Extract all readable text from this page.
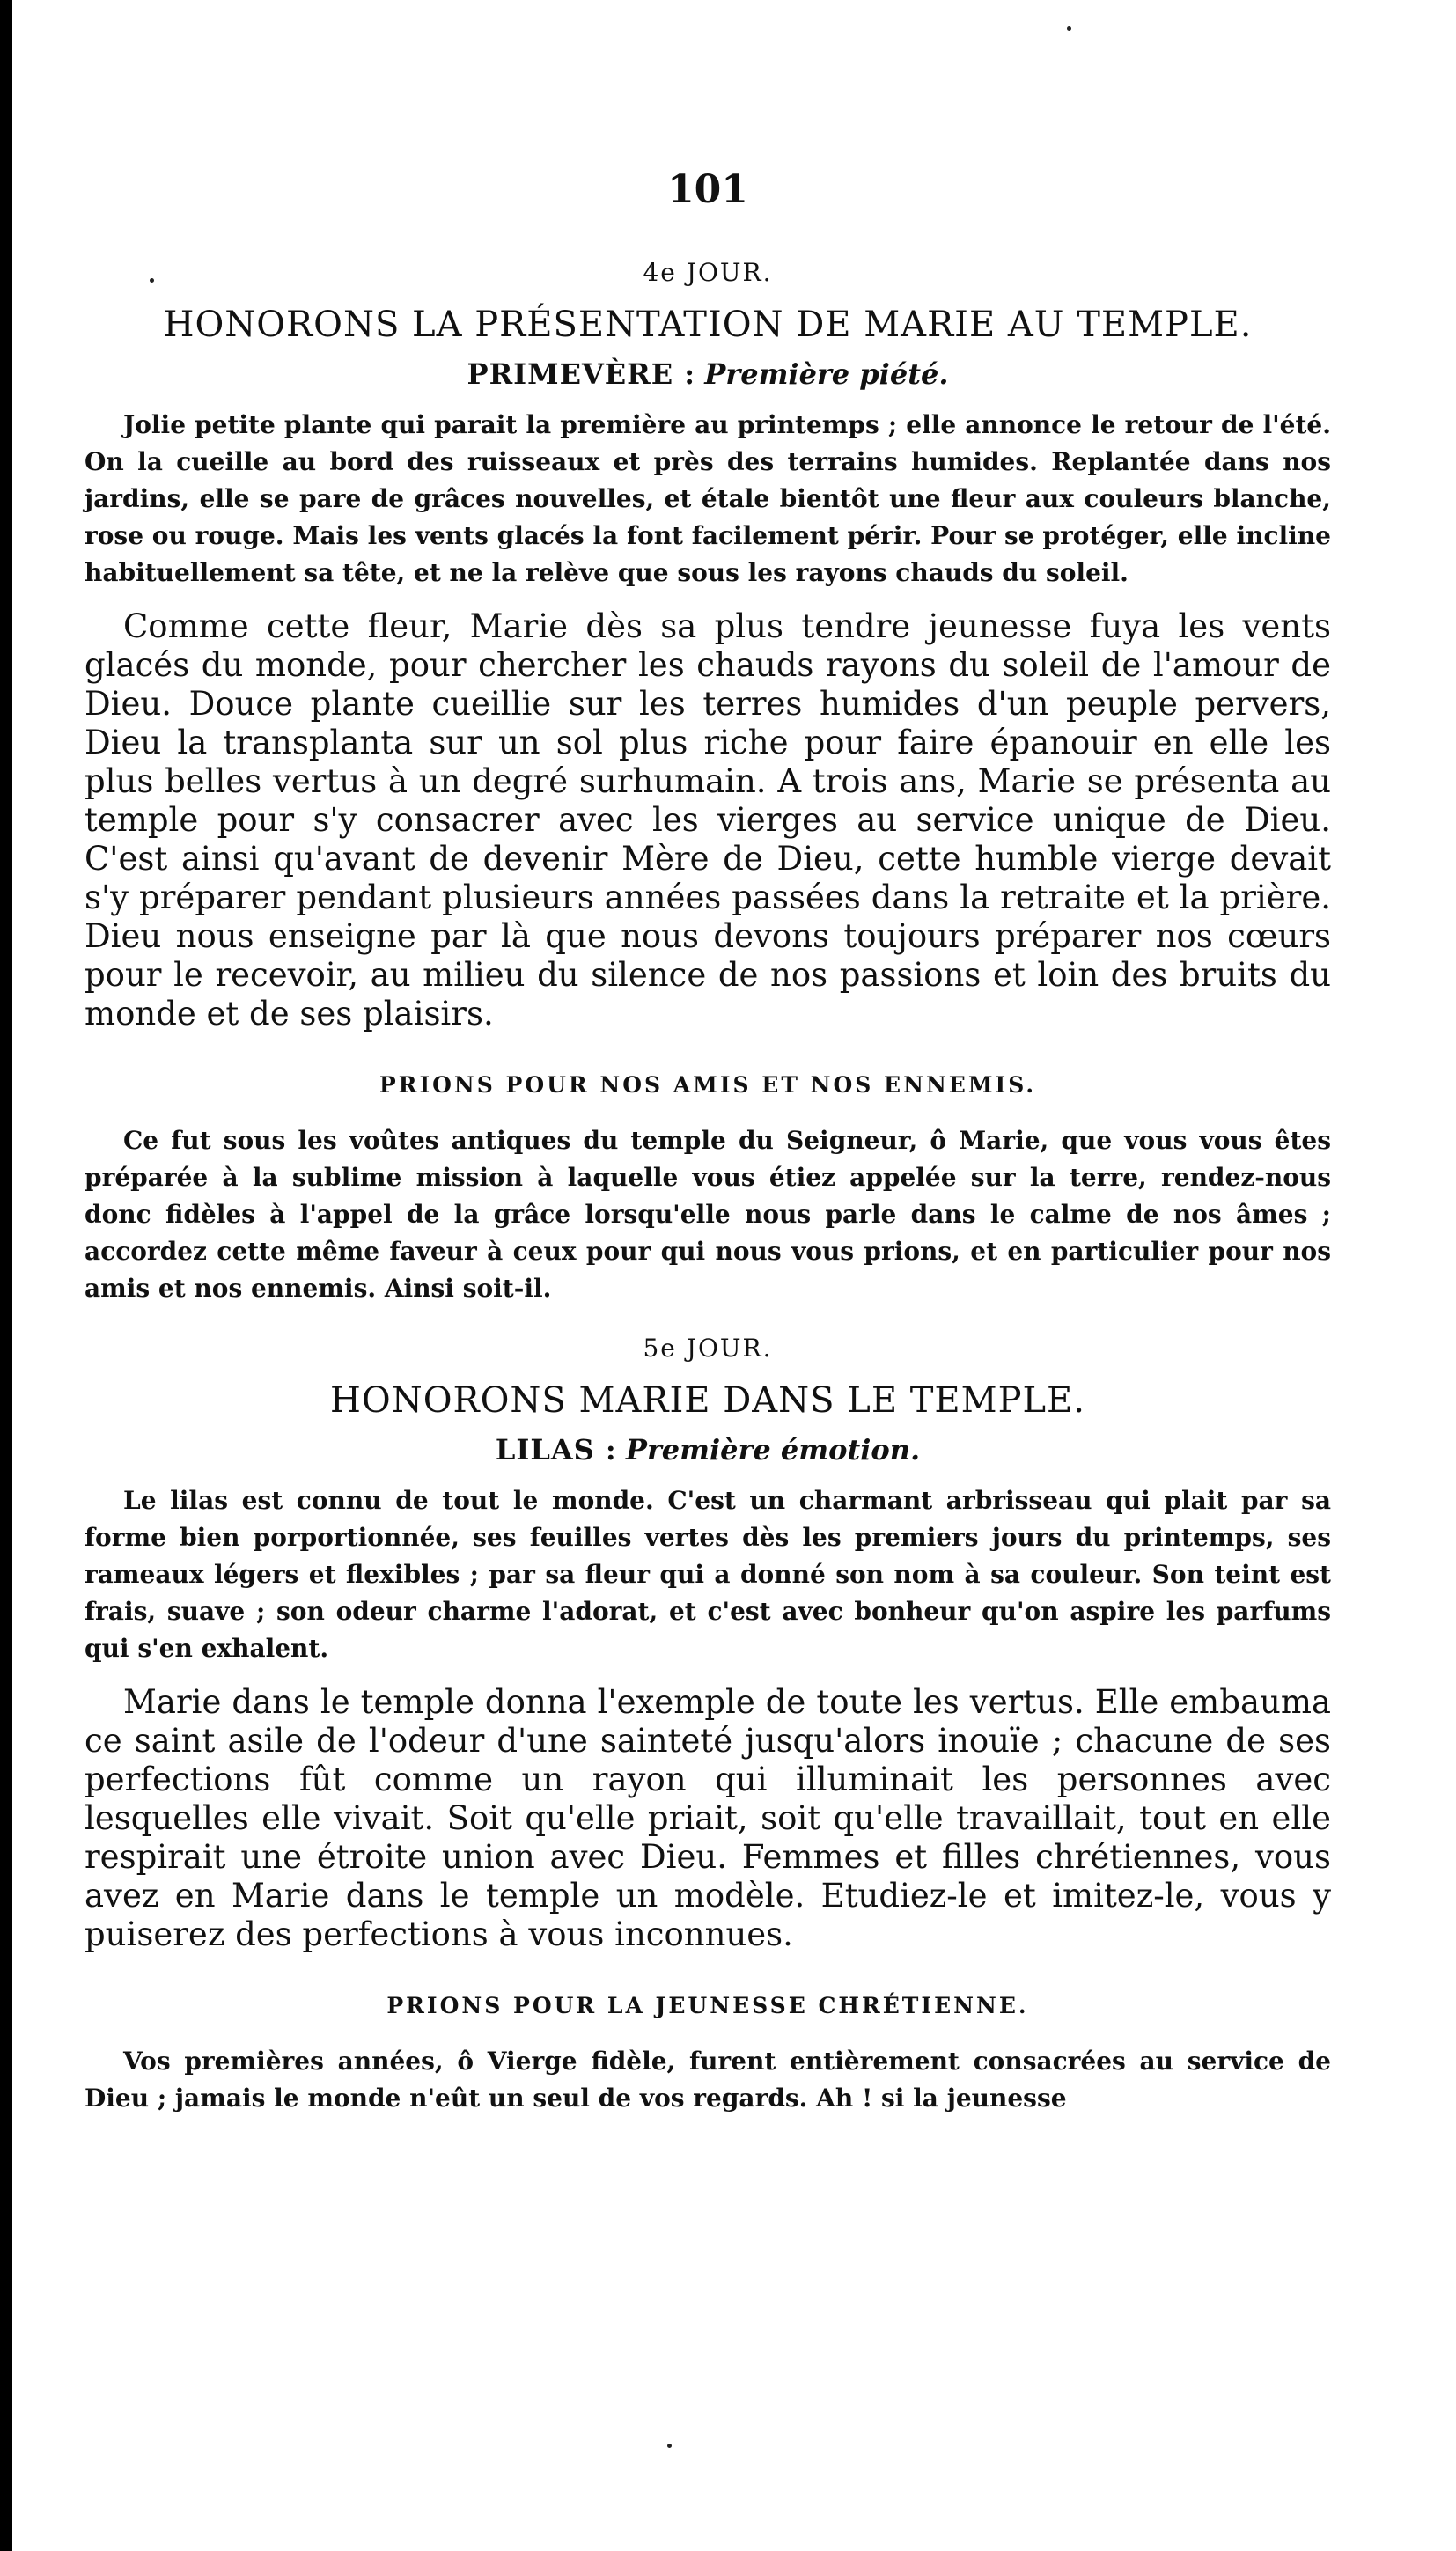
101
4e JOUR.
HONORONS LA PRÉSENTATION DE MARIE AU TEMPLE.
PRIMEVÈRE : Première piété.

Jolie petite plante qui parait la première au printemps ; elle annonce le retour de l'été. On la cueille au bord des ruisseaux et près des terrains humides. Replantée dans nos jardins, elle se pare de grâces nouvelles, et étale bientôt une fleur aux couleurs blanche, rose ou rouge. Mais les vents glacés la font facilement périr. Pour se protéger, elle incline habituellement sa tête, et ne la relève que sous les rayons chauds du soleil.

Comme cette fleur, Marie dès sa plus tendre jeunesse fuya les vents glacés du monde, pour chercher les chauds rayons du soleil de l'amour de Dieu. Douce plante cueillie sur les terres humides d'un peuple pervers, Dieu la transplanta sur un sol plus riche pour faire épanouir en elle les plus belles vertus à un degré surhumain. A trois ans, Marie se présenta au temple pour s'y consacrer avec les vierges au service unique de Dieu. C'est ainsi qu'avant de devenir Mère de Dieu, cette humble vierge devait s'y préparer pendant plusieurs années passées dans la retraite et la prière. Dieu nous enseigne par là que nous devons toujours préparer nos cœurs pour le recevoir, au milieu du silence de nos passions et loin des bruits du monde et de ses plaisirs.

PRIONS POUR NOS AMIS ET NOS ENNEMIS.

Ce fut sous les voûtes antiques du temple du Seigneur, ô Marie, que vous vous êtes préparée à la sublime mission à laquelle vous étiez appelée sur la terre, rendez-nous donc fidèles à l'appel de la grâce lorsqu'elle nous parle dans le calme de nos âmes ; accordez cette même faveur à ceux pour qui nous vous prions, et en particulier pour nos amis et nos ennemis. Ainsi soit-il.

5e JOUR.
HONORONS MARIE DANS LE TEMPLE.
LILAS : Première émotion.

Le lilas est connu de tout le monde. C'est un charmant arbrisseau qui plait par sa forme bien porportionnée, ses feuilles vertes dès les premiers jours du printemps, ses rameaux légers et flexibles ; par sa fleur qui a donné son nom à sa couleur. Son teint est frais, suave ; son odeur charme l'adorat, et c'est avec bonheur qu'on aspire les parfums qui s'en exhalent.

Marie dans le temple donna l'exemple de toute les vertus. Elle embauma ce saint asile de l'odeur d'une sainteté jusqu'alors inouïe ; chacune de ses perfections fût comme un rayon qui illuminait les personnes avec lesquelles elle vivait. Soit qu'elle priait, soit qu'elle travaillait, tout en elle respirait une étroite union avec Dieu. Femmes et filles chrétiennes, vous avez en Marie dans le temple un modèle. Etudiez-le et imitez-le, vous y puiserez des perfections à vous inconnues.

PRIONS POUR LA JEUNESSE CHRÉTIENNE.

Vos premières années, ô Vierge fidèle, furent entièrement consacrées au service de Dieu ; jamais le monde n'eût un seul de vos regards. Ah ! si la jeunesse
